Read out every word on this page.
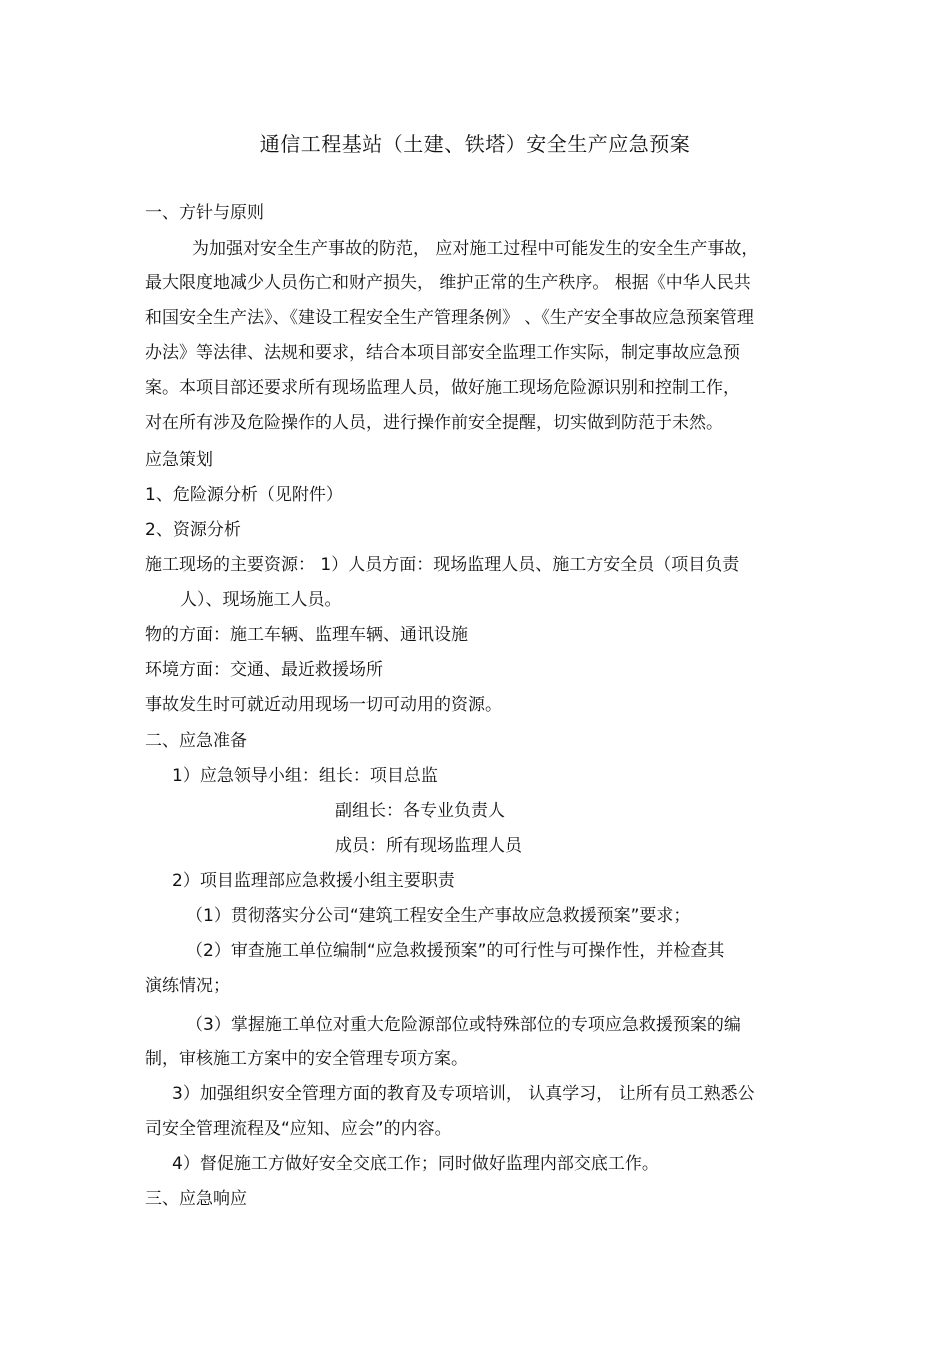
通信工程基站（土建、铁塔）安全生产应急预案
一、方针与原则
为加强对安全生产事故的防范， 应对施工过程中可能发生的安全生产事故，
最大限度地减少人员伤亡和财产损失， 维护正常的生产秩序。 根据《中华人民共
和国安全生产法》、《建设工程安全生产管理条例》 、《生产安全事故应急预案管理
办法》等法律、法规和要求，结合本项目部安全监理工作实际，制定事故应急预
案。本项目部还要求所有现场监理人员，做好施工现场危险源识别和控制工作，
对在所有涉及危险操作的人员，进行操作前安全提醒，切实做到防范于未然。
应急策划
1、危险源分析（见附件）
2、资源分析
施工现场的主要资源： 1）人员方面：现场监理人员、施工方安全员（项目负责
人）、现场施工人员。
物的方面：施工车辆、监理车辆、通讯设施
环境方面：交通、最近救援场所
事故发生时可就近动用现场一切可动用的资源。
二、应急准备
1）应急领导小组：组长：项目总监
副组长：各专业负责人
成员：所有现场监理人员
2）项目监理部应急救援小组主要职责
（1）贯彻落实分公司“建筑工程安全生产事故应急救援预案”要求；
（2）审查施工单位编制“应急救援预案”的可行性与可操作性，并检查其
演练情况；
（3）掌握施工单位对重大危险源部位或特殊部位的专项应急救援预案的编
制，审核施工方案中的安全管理专项方案。
3）加强组织安全管理方面的教育及专项培训， 认真学习， 让所有员工熟悉公
司安全管理流程及“应知、应会”的内容。
4）督促施工方做好安全交底工作；同时做好监理内部交底工作。
三、应急响应
